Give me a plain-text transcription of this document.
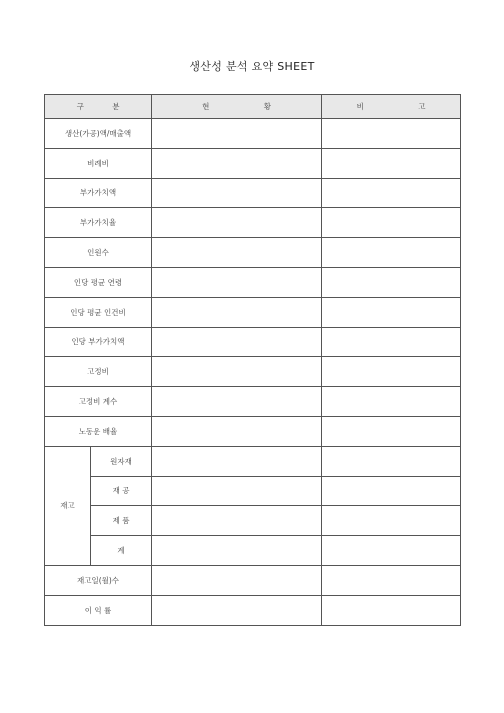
생산성 분석 요약 SHEET
구 분		현 황	비 고
생산(가공)액/매출액			
비례비			
부가가치액			
부가가치율			
인원수			
인당 평균 연령			
인당 평균 인건비			
인당 부가가치액			
고정비			
고정비 계수			
노동운 배율			
재고	원자재		
	재 공		
	제 품		
	계		
재고일(월)수			
이 익 률			
